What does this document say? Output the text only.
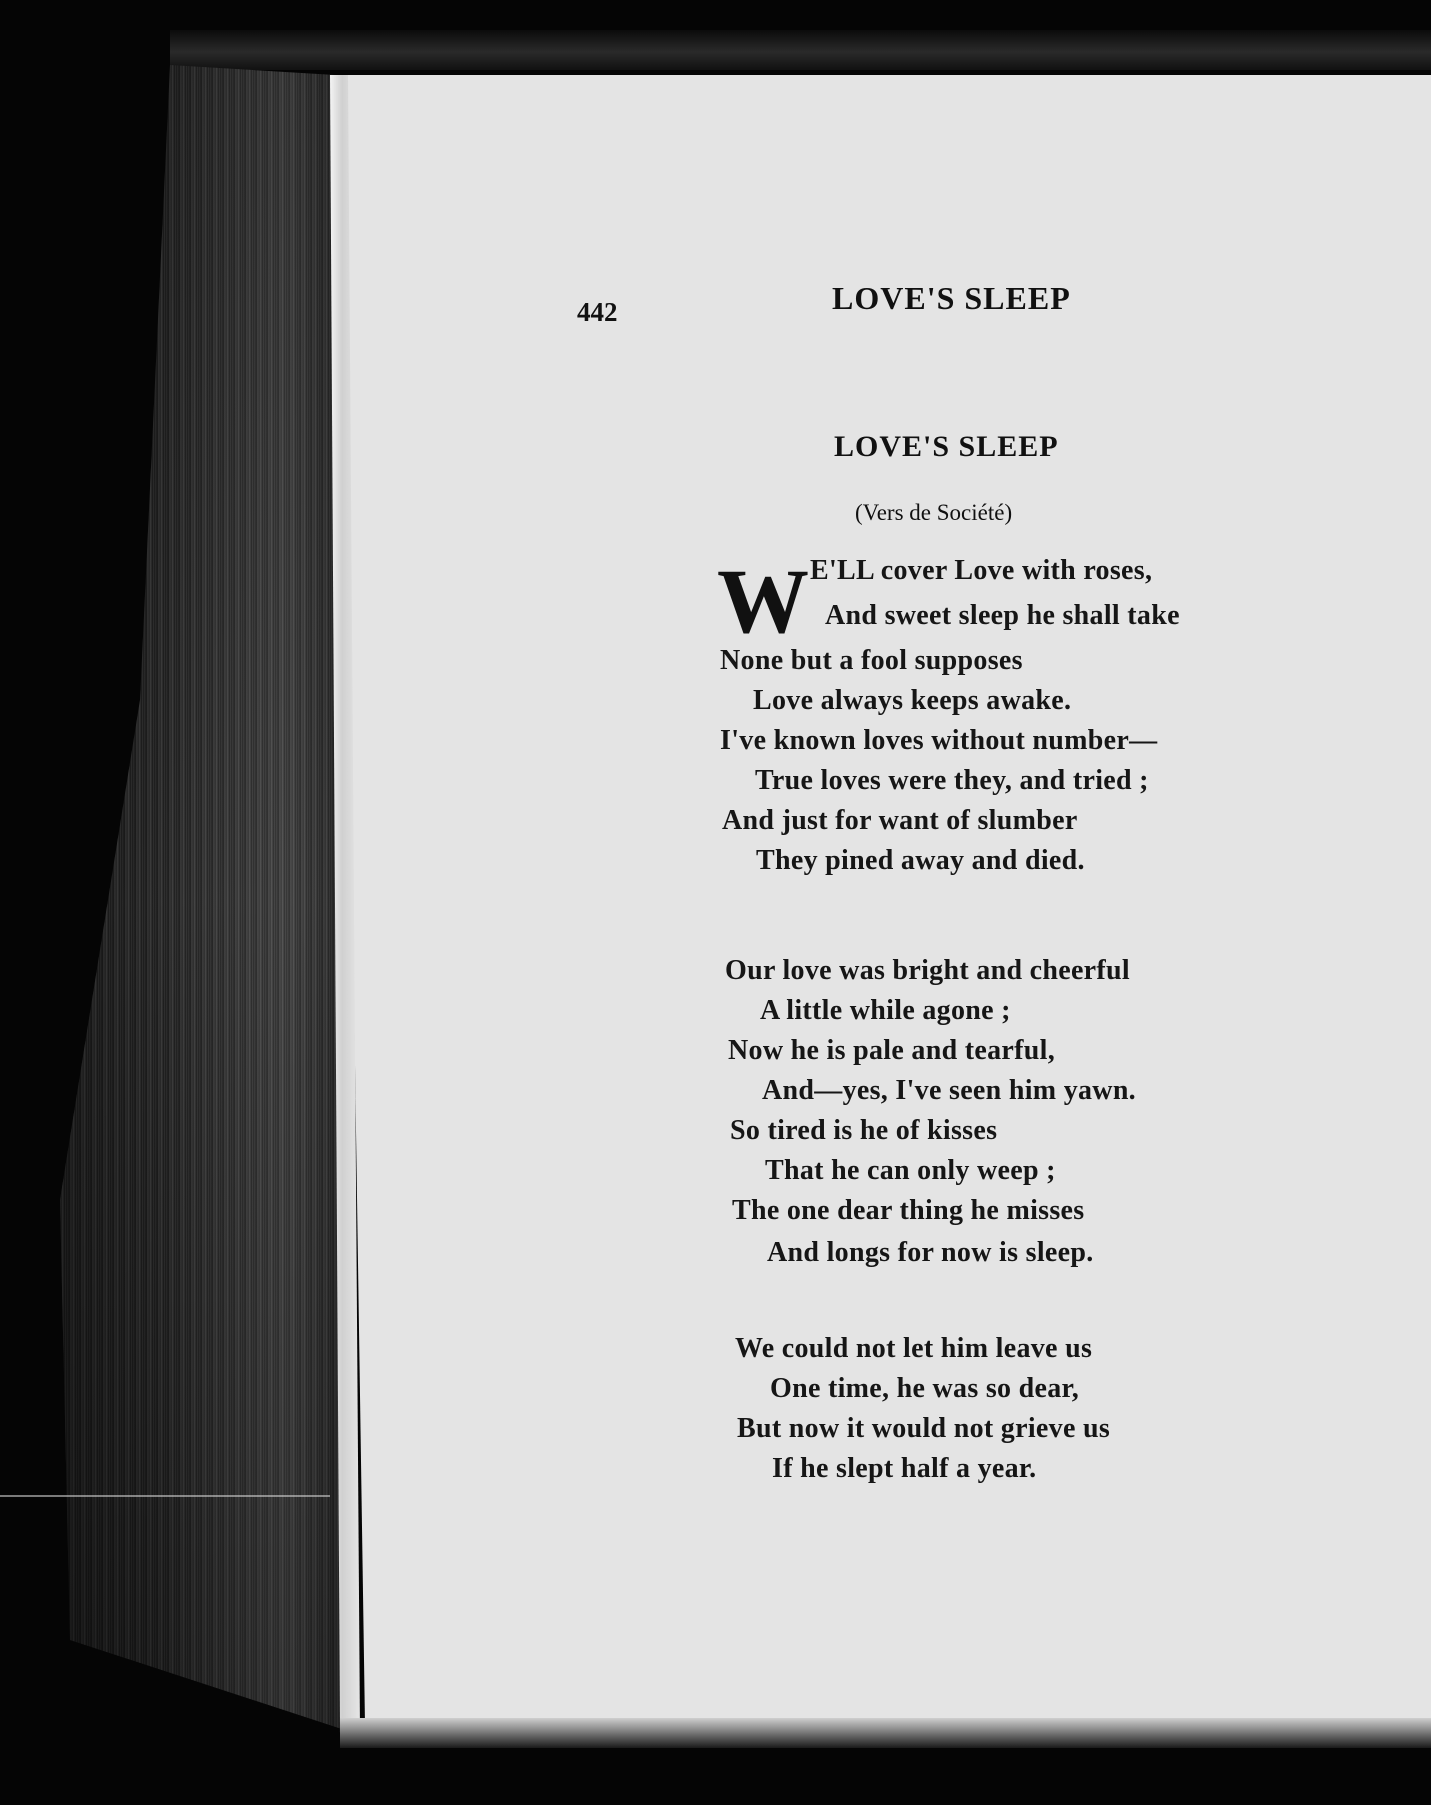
442	LOVE'S SLEEP
LOVE'S SLEEP
(Vers de Société)
W E'LL cover Love with roses,
And sweet sleep he shall take
None but a fool supposes
Love always keeps awake.
I've known loves without number—
True loves were they, and tried ;
And just for want of slumber
They pined away and died.
Our love was bright and cheerful
A little while agone ;
Now he is pale and tearful,
And—yes, I've seen him yawn.
So tired is he of kisses
That he can only weep ;
The one dear thing he misses
And longs for now is sleep.
We could not let him leave us
One time, he was so dear,
But now it would not grieve us
If he slept half a year.
